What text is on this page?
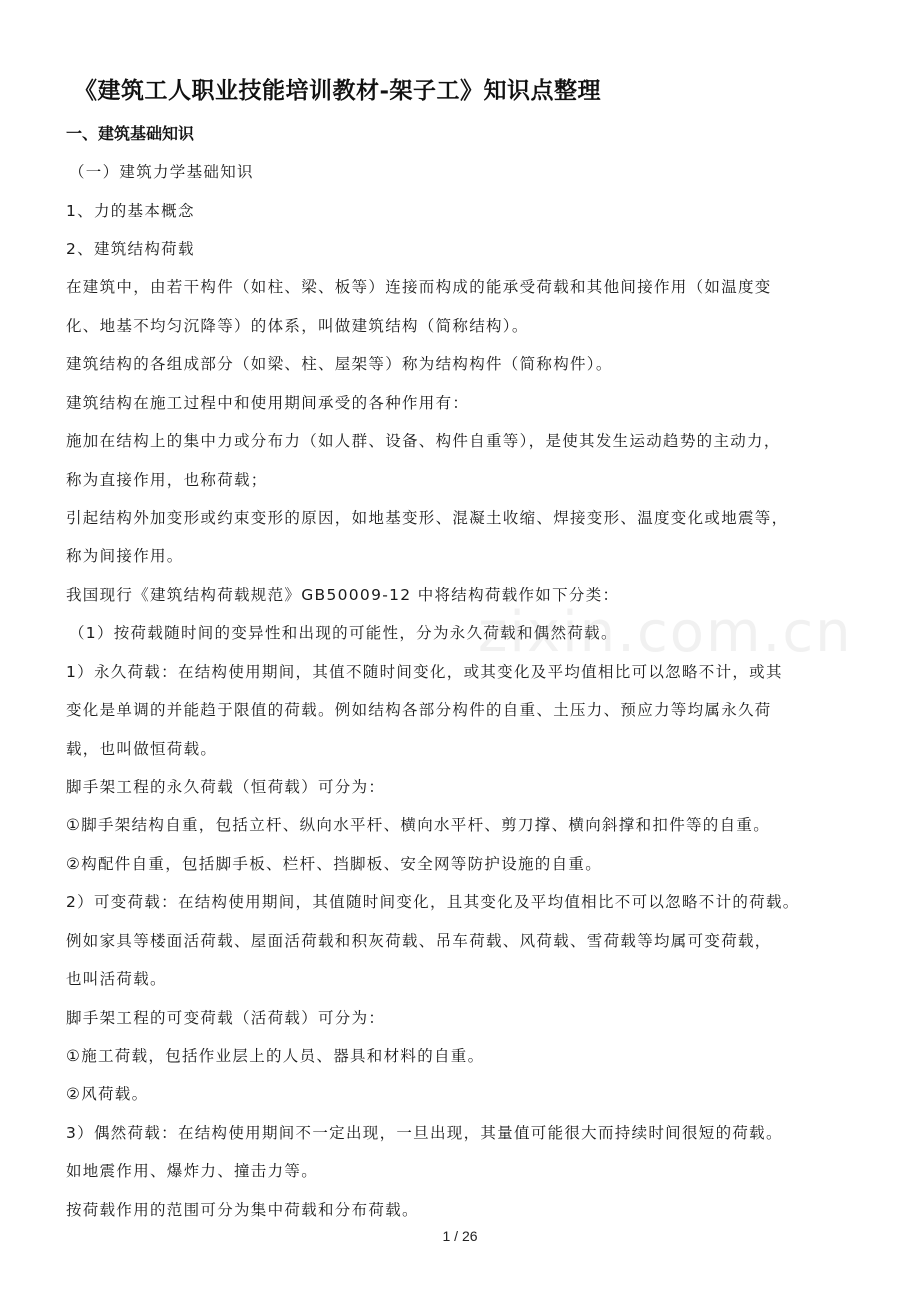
《建筑工人职业技能培训教材-架子工》知识点整理
一、建筑基础知识
（一）建筑力学基础知识
1、力的基本概念
2、建筑结构荷载
在建筑中，由若干构件（如柱、梁、板等）连接而构成的能承受荷载和其他间接作用（如温度变
化、地基不均匀沉降等）的体系，叫做建筑结构（简称结构）。
建筑结构的各组成部分（如梁、柱、屋架等）称为结构构件（简称构件）。
建筑结构在施工过程中和使用期间承受的各种作用有：
施加在结构上的集中力或分布力（如人群、设备、构件自重等），是使其发生运动趋势的主动力，
称为直接作用，也称荷载；
引起结构外加变形或约束变形的原因，如地基变形、混凝土收缩、焊接变形、温度变化或地震等，
称为间接作用。
我国现行《建筑结构荷载规范》GB50009-12 中将结构荷载作如下分类：
（1）按荷载随时间的变异性和出现的可能性，分为永久荷载和偶然荷载。
1）永久荷载：在结构使用期间，其值不随时间变化，或其变化及平均值相比可以忽略不计，或其
变化是单调的并能趋于限值的荷载。例如结构各部分构件的自重、土压力、预应力等均属永久荷
载，也叫做恒荷载。
脚手架工程的永久荷载（恒荷载）可分为：
①脚手架结构自重，包括立杆、纵向水平杆、横向水平杆、剪刀撑、横向斜撑和扣件等的自重。
②构配件自重，包括脚手板、栏杆、挡脚板、安全网等防护设施的自重。
2）可变荷载：在结构使用期间，其值随时间变化，且其变化及平均值相比不可以忽略不计的荷载。
例如家具等楼面活荷载、屋面活荷载和积灰荷载、吊车荷载、风荷载、雪荷载等均属可变荷载，
也叫活荷载。
脚手架工程的可变荷载（活荷载）可分为：
①施工荷载，包括作业层上的人员、器具和材料的自重。
②风荷载。
3）偶然荷载：在结构使用期间不一定出现，一旦出现，其量值可能很大而持续时间很短的荷载。
如地震作用、爆炸力、撞击力等。
按荷载作用的范围可分为集中荷载和分布荷载。
zixin.com.cn
1 / 26
